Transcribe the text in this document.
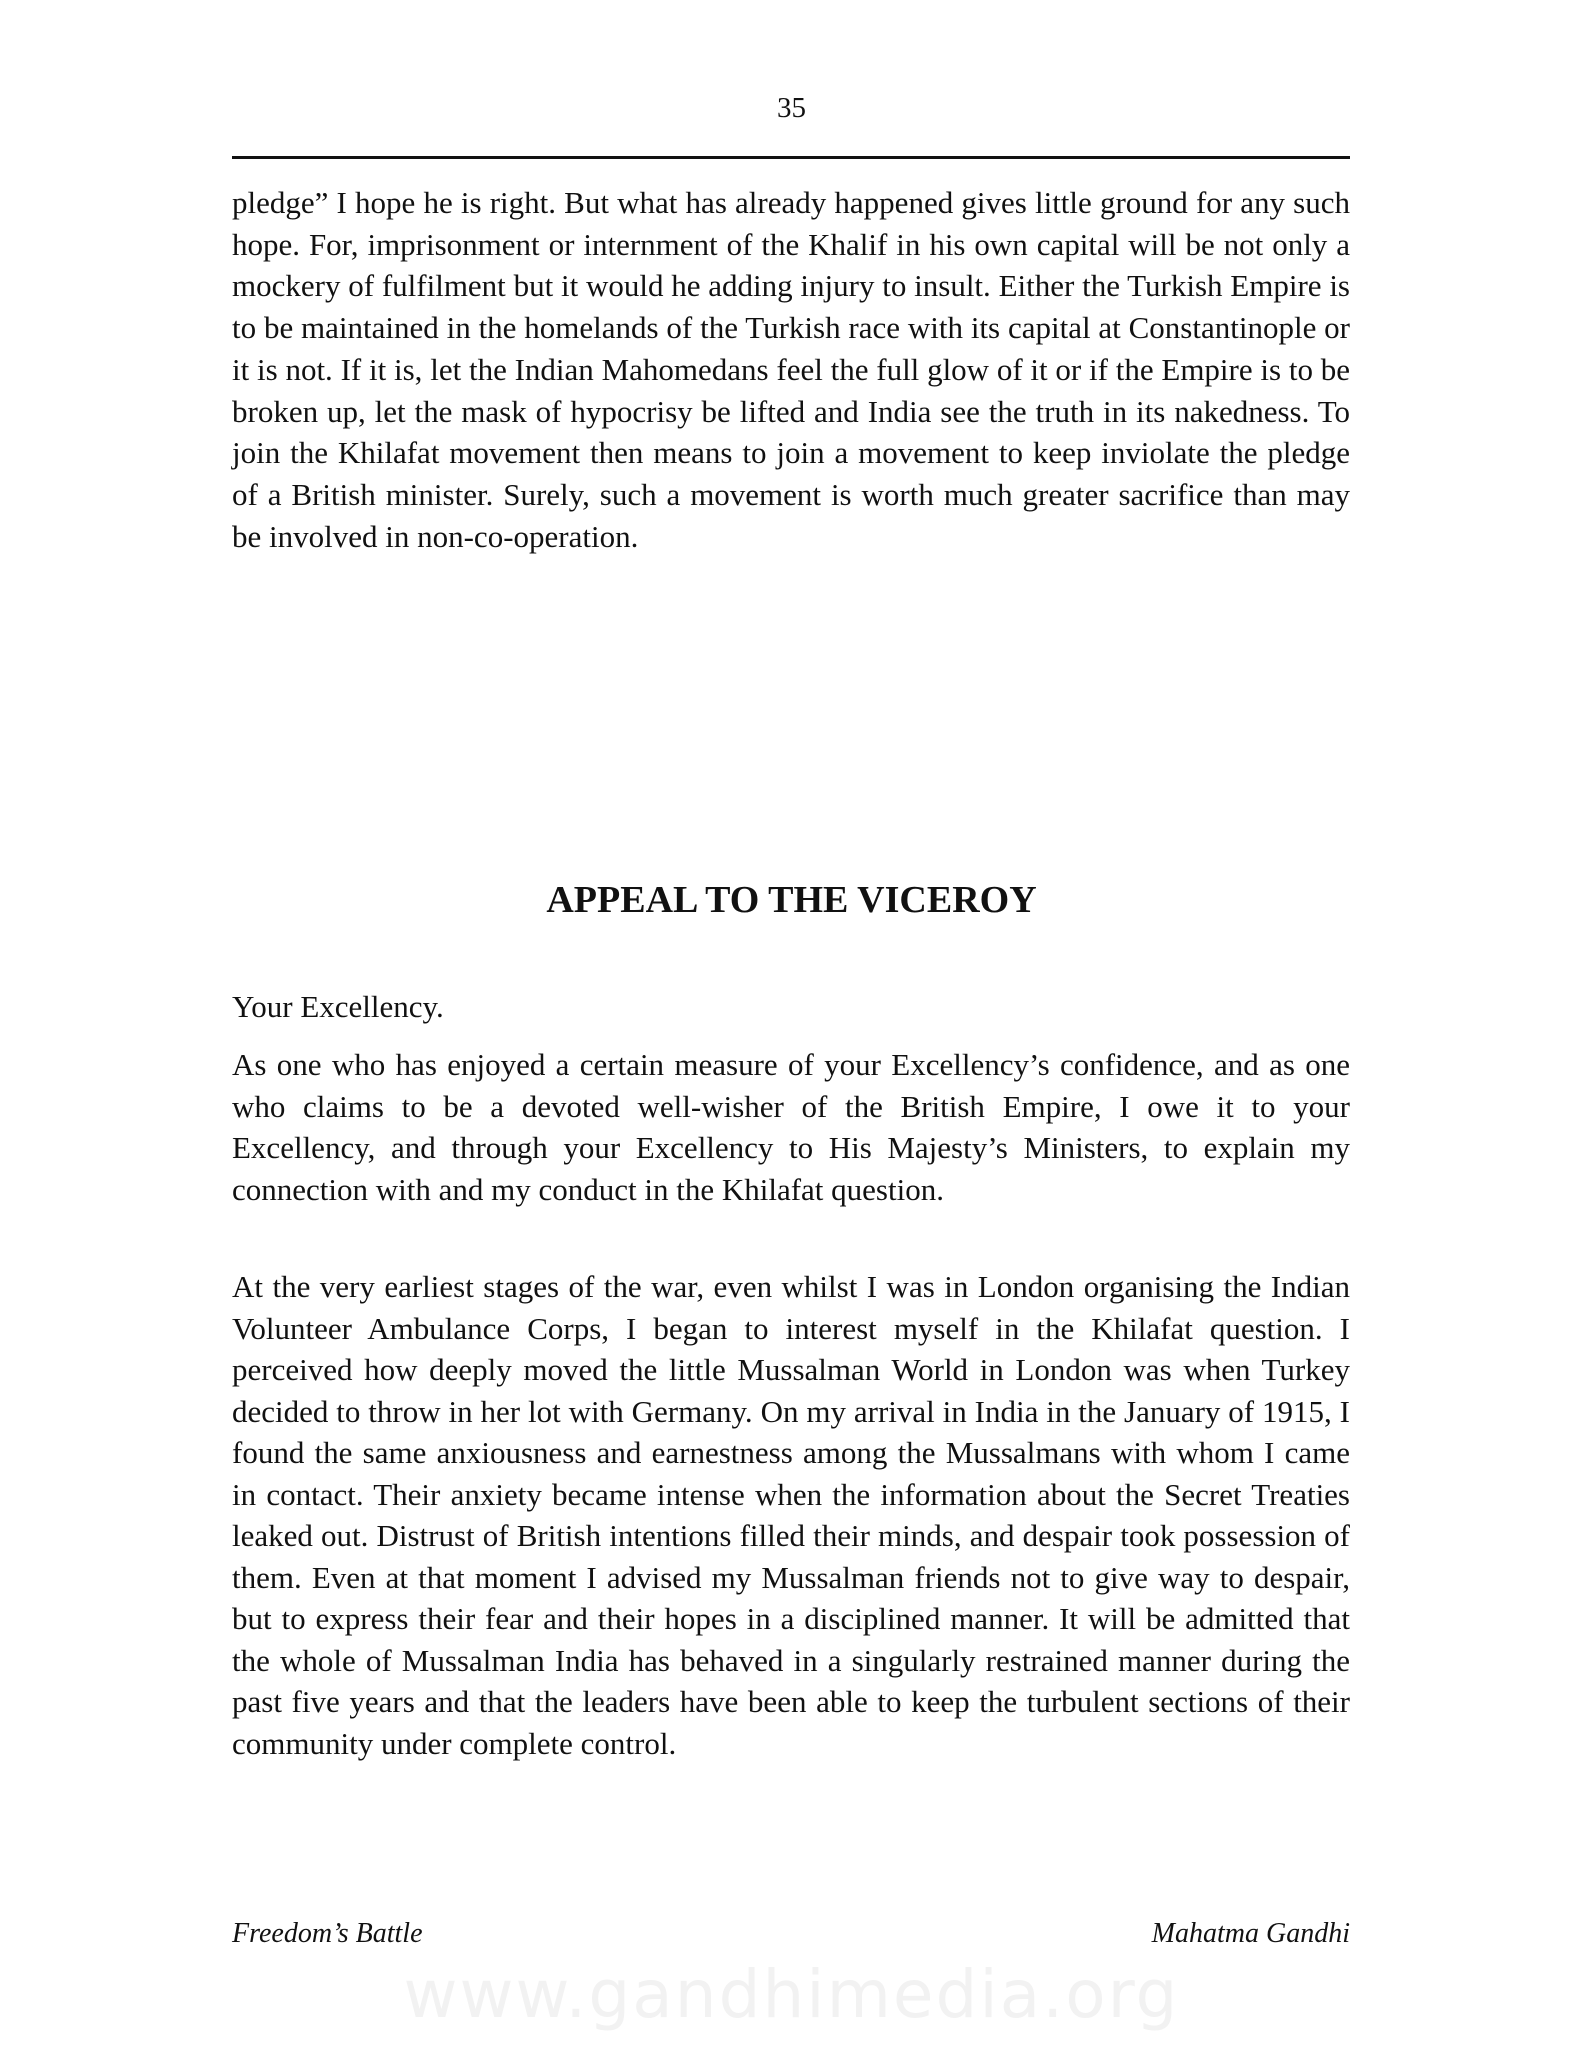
35

pledge” I hope he is right. But what has already happened gives little ground for any such hope. For, imprisonment or internment of the Khalif in his own capital will be not only a mockery of fulfilment but it would he adding injury to insult. Either the Turkish Empire is to be maintained in the homelands of the Turkish race with its capital at Constantinople or it is not. If it is, let the Indian Mahomedans feel the full glow of it or if the Empire is to be broken up, let the mask of hypocrisy be lifted and India see the truth in its nakedness. To join the Khilafat movement then means to join a movement to keep inviolate the pledge of a British minister. Surely, such a movement is worth much greater sacrifice than may be involved in non-co-operation.

APPEAL TO THE VICEROY

Your Excellency.

As one who has enjoyed a certain measure of your Excellency’s confidence, and as one who claims to be a devoted well-wisher of the British Empire, I owe it to your Excellency, and through your Excellency to His Majesty’s Ministers, to explain my connection with and my conduct in the Khilafat question.

At the very earliest stages of the war, even whilst I was in London organising the Indian Volunteer Ambulance Corps, I began to interest myself in the Khilafat question. I perceived how deeply moved the little Mussalman World in London was when Turkey decided to throw in her lot with Germany. On my arrival in India in the January of 1915, I found the same anxiousness and earnestness among the Mussalmans with whom I came in contact. Their anxiety became intense when the information about the Secret Treaties leaked out. Distrust of British intentions filled their minds, and despair took possession of them. Even at that moment I advised my Mussalman friends not to give way to despair, but to express their fear and their hopes in a disciplined manner. It will be admitted that the whole of Mussalman India has behaved in a singularly restrained manner during the past five years and that the leaders have been able to keep the turbulent sections of their community under complete control.

Freedom’s Battle	Mahatma Gandhi
www.gandhimedia.org
